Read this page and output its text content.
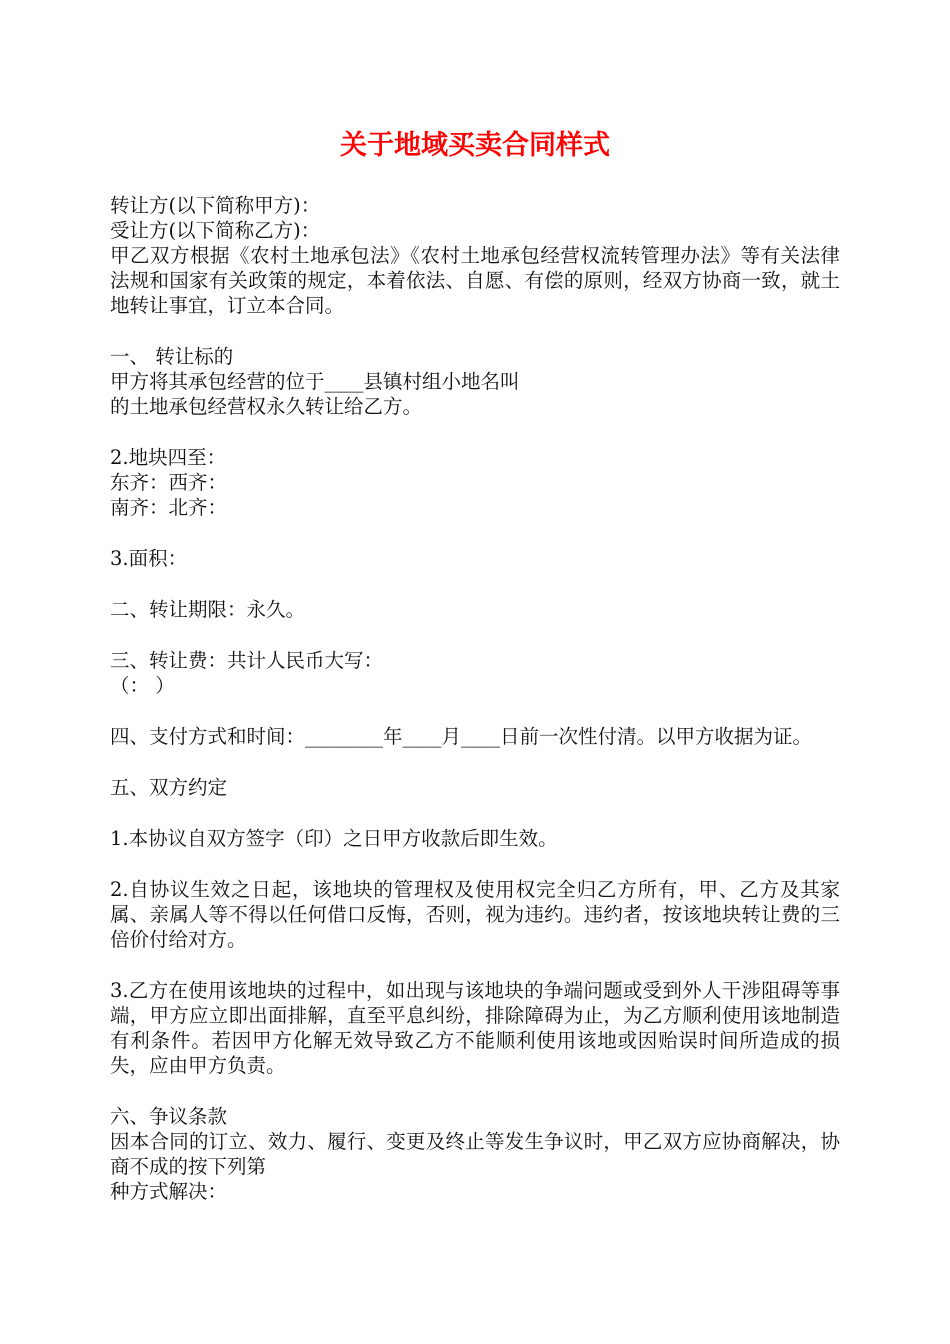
关于地域买卖合同样式

转让方(以下简称甲方)：

受让方(以下简称乙方)：

甲乙双方根据《农村土地承包法》《农村土地承包经营权流转管理办法》等有关法律法规和国家有关政策的规定，本着依法、自愿、有偿的原则，经双方协商一致，就土地转让事宜，订立本合同。

一、 转让标的

甲方将其承包经营的位于____县镇村组小地名叫

的土地承包经营权永久转让给乙方。

2.地块四至：

东齐：西齐：

南齐：北齐：

3.面积：

二、转让期限：永久。

三、转让费：共计人民币大写：

（： ）

四、支付方式和时间：________年____月____日前一次性付清。以甲方收据为证。

五、双方约定

1.本协议自双方签字（印）之日甲方收款后即生效。

2.自协议生效之日起，该地块的管理权及使用权完全归乙方所有，甲、乙方及其家属、亲属人等不得以任何借口反悔，否则，视为违约。违约者，按该地块转让费的三倍价付给对方。

3.乙方在使用该地块的过程中，如出现与该地块的争端问题或受到外人干涉阻碍等事端，甲方应立即出面排解，直至平息纠纷，排除障碍为止，为乙方顺利使用该地制造有利条件。若因甲方化解无效导致乙方不能顺利使用该地或因贻误时间所造成的损失，应由甲方负责。

六、争议条款

因本合同的订立、效力、履行、变更及终止等发生争议时，甲乙双方应协商解决，协商不成的按下列第

种方式解决：
